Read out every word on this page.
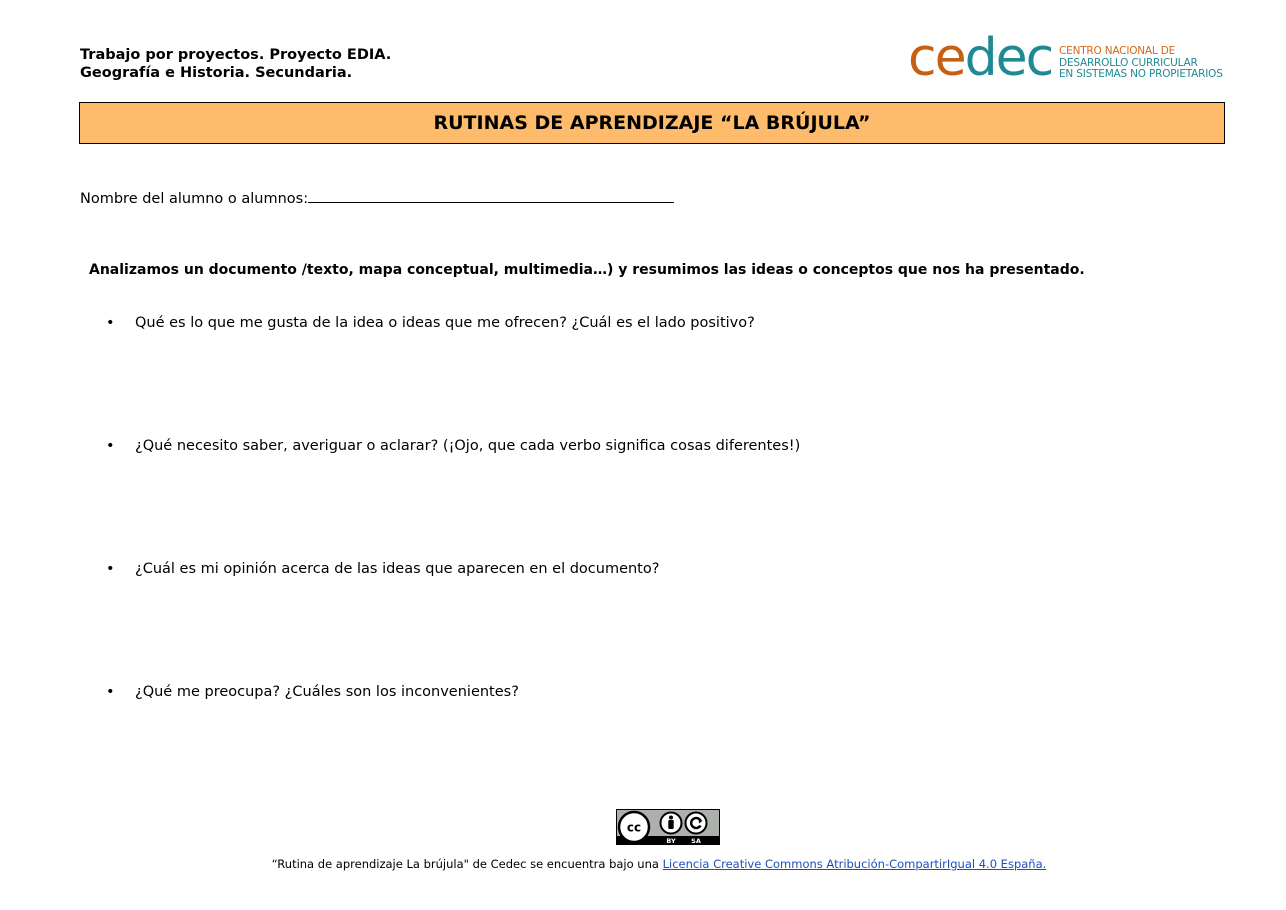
Trabajo por proyectos. Proyecto EDIA.
Geografía e Historia. Secundaria.	cedec CENTRO NACIONAL DE
DESARROLLO CURRICULAR
EN SISTEMAS NO PROPIETARIOS
RUTINAS DE APRENDIZAJE “LA BRÚJULA”
Nombre del alumno o alumnos:
Analizamos un documento /texto, mapa conceptual, multimedia…) y resumimos las ideas o conceptos que nos ha presentado.
• Qué es lo que me gusta de la idea o ideas que me ofrecen? ¿Cuál es el lado positivo?
• ¿Qué necesito saber, averiguar o aclarar? (¡Ojo, que cada verbo significa cosas diferentes!)
• ¿Cuál es mi opinión acerca de las ideas que aparecen en el documento?
• ¿Qué me preocupa? ¿Cuáles son los inconvenientes?
cc
BY SA
“Rutina de aprendizaje La brújula" de Cedec se encuentra bajo una Licencia Creative Commons Atribución-CompartirIgual 4.0 España.
